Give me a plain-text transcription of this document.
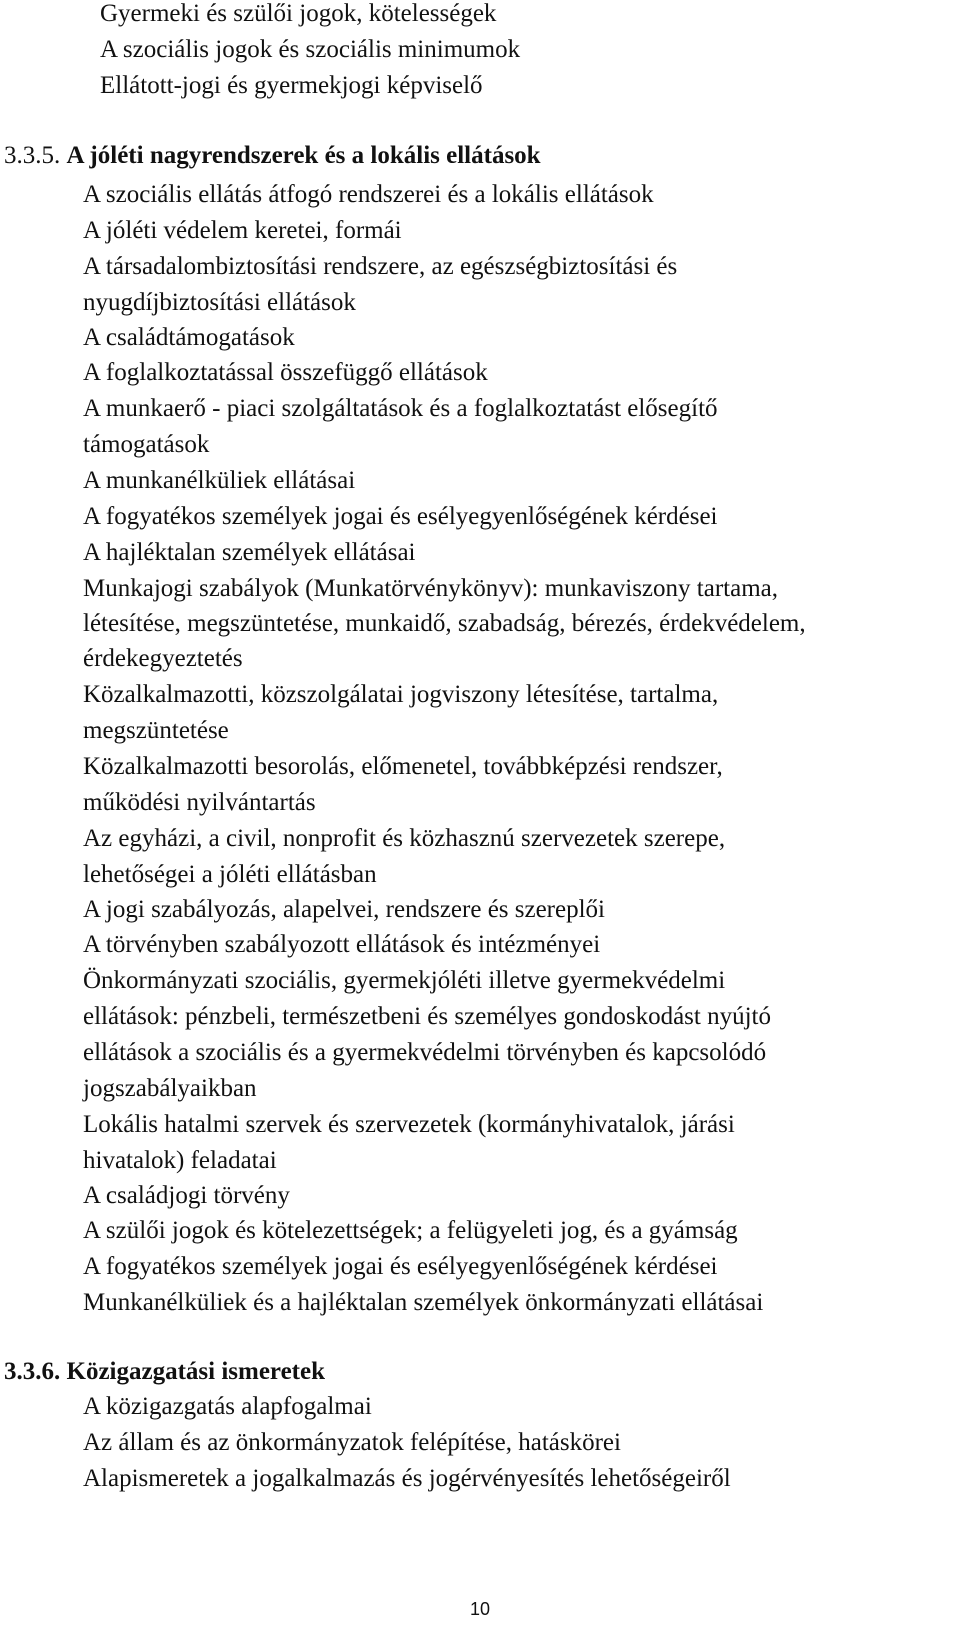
Gyermeki és szülői jogok, kötelességek
A szociális jogok és szociális minimumok
Ellátott-jogi és gyermekjogi képviselő
3.3.5. A jóléti nagyrendszerek és a lokális ellátások
A szociális ellátás átfogó rendszerei és a lokális ellátások
A jóléti védelem keretei, formái
A társadalombiztosítási rendszere, az egészségbiztosítási és
nyugdíjbiztosítási ellátások
A családtámogatások
A foglalkoztatással összefüggő ellátások
A munkaerő - piaci szolgáltatások és a foglalkoztatást elősegítő
támogatások
A munkanélküliek ellátásai
A fogyatékos személyek jogai és esélyegyenlőségének kérdései
A hajléktalan személyek ellátásai
Munkajogi szabályok (Munkatörvénykönyv): munkaviszony tartama,
létesítése, megszüntetése, munkaidő, szabadság, bérezés, érdekvédelem,
érdekegyeztetés
Közalkalmazotti, közszolgálatai jogviszony létesítése, tartalma,
megszüntetése
Közalkalmazotti besorolás, előmenetel, továbbképzési rendszer,
működési nyilvántartás
Az egyházi, a civil, nonprofit és közhasznú szervezetek szerepe,
lehetőségei a jóléti ellátásban
A jogi szabályozás, alapelvei, rendszere és szereplői
A törvényben szabályozott ellátások és intézményei
Önkormányzati szociális, gyermekjóléti illetve gyermekvédelmi
ellátások: pénzbeli, természetbeni és személyes gondoskodást nyújtó
ellátások a szociális és a gyermekvédelmi törvényben és kapcsolódó
jogszabályaikban
Lokális hatalmi szervek és szervezetek (kormányhivatalok, járási
hivatalok) feladatai
A családjogi törvény
A szülői jogok és kötelezettségek; a felügyeleti jog, és a gyámság
A fogyatékos személyek jogai és esélyegyenlőségének kérdései
Munkanélküliek és a hajléktalan személyek önkormányzati ellátásai
3.3.6. Közigazgatási ismeretek
A közigazgatás alapfogalmai
Az állam és az önkormányzatok felépítése, hatáskörei
Alapismeretek a jogalkalmazás és jogérvényesítés lehetőségeiről
10
